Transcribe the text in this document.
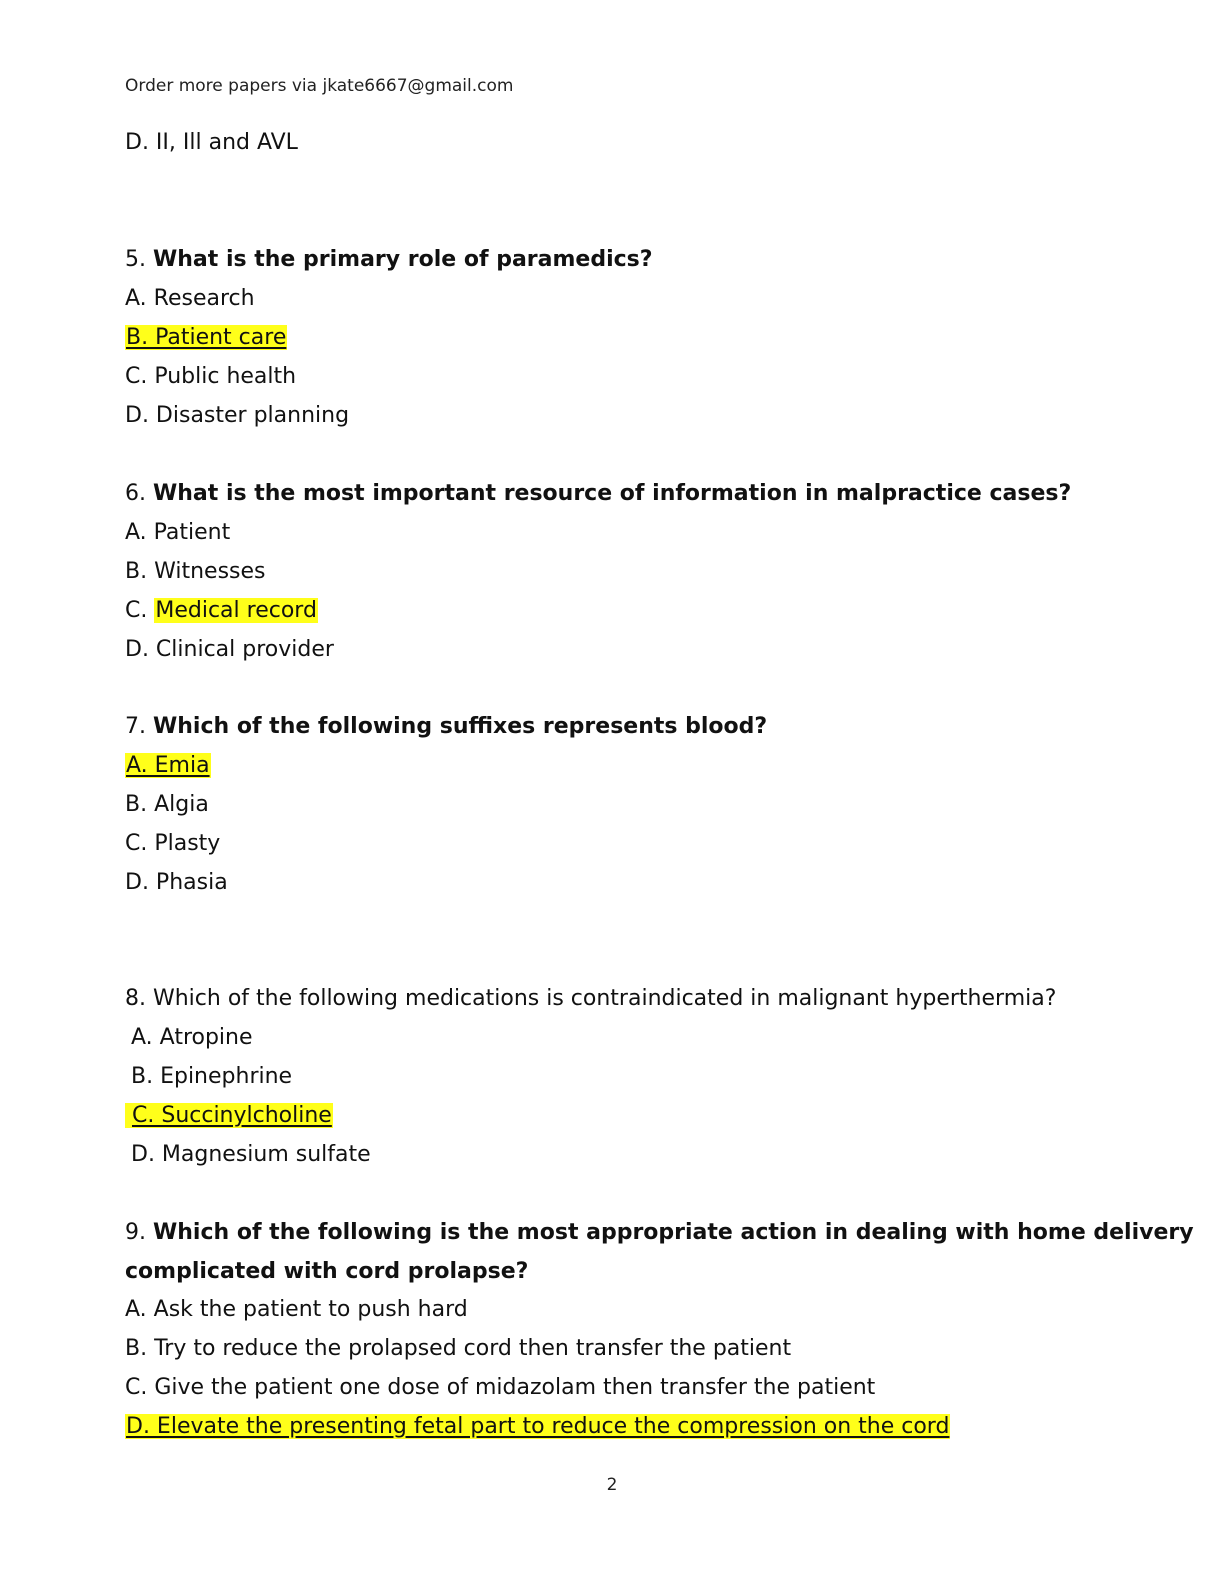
Order more papers via jkate6667@gmail.com
D. II, Ill and AVL
5. What is the primary role of paramedics?
A. Research
B. Patient care
C. Public health
D. Disaster planning
6. What is the most important resource of information in malpractice cases?
A. Patient
B. Witnesses
C. Medical record
D. Clinical provider
7. Which of the following suffixes represents blood?
A. Emia
B. Algia
C. Plasty
D. Phasia
8. Which of the following medications is contraindicated in malignant hyperthermia?
A. Atropine
B. Epinephrine
C. Succinylcholine
D. Magnesium sulfate
9. Which of the following is the most appropriate action in dealing with home delivery
complicated with cord prolapse?
A. Ask the patient to push hard
B. Try to reduce the prolapsed cord then transfer the patient
C. Give the patient one dose of midazolam then transfer the patient
D. Elevate the presenting fetal part to reduce the compression on the cord
2
